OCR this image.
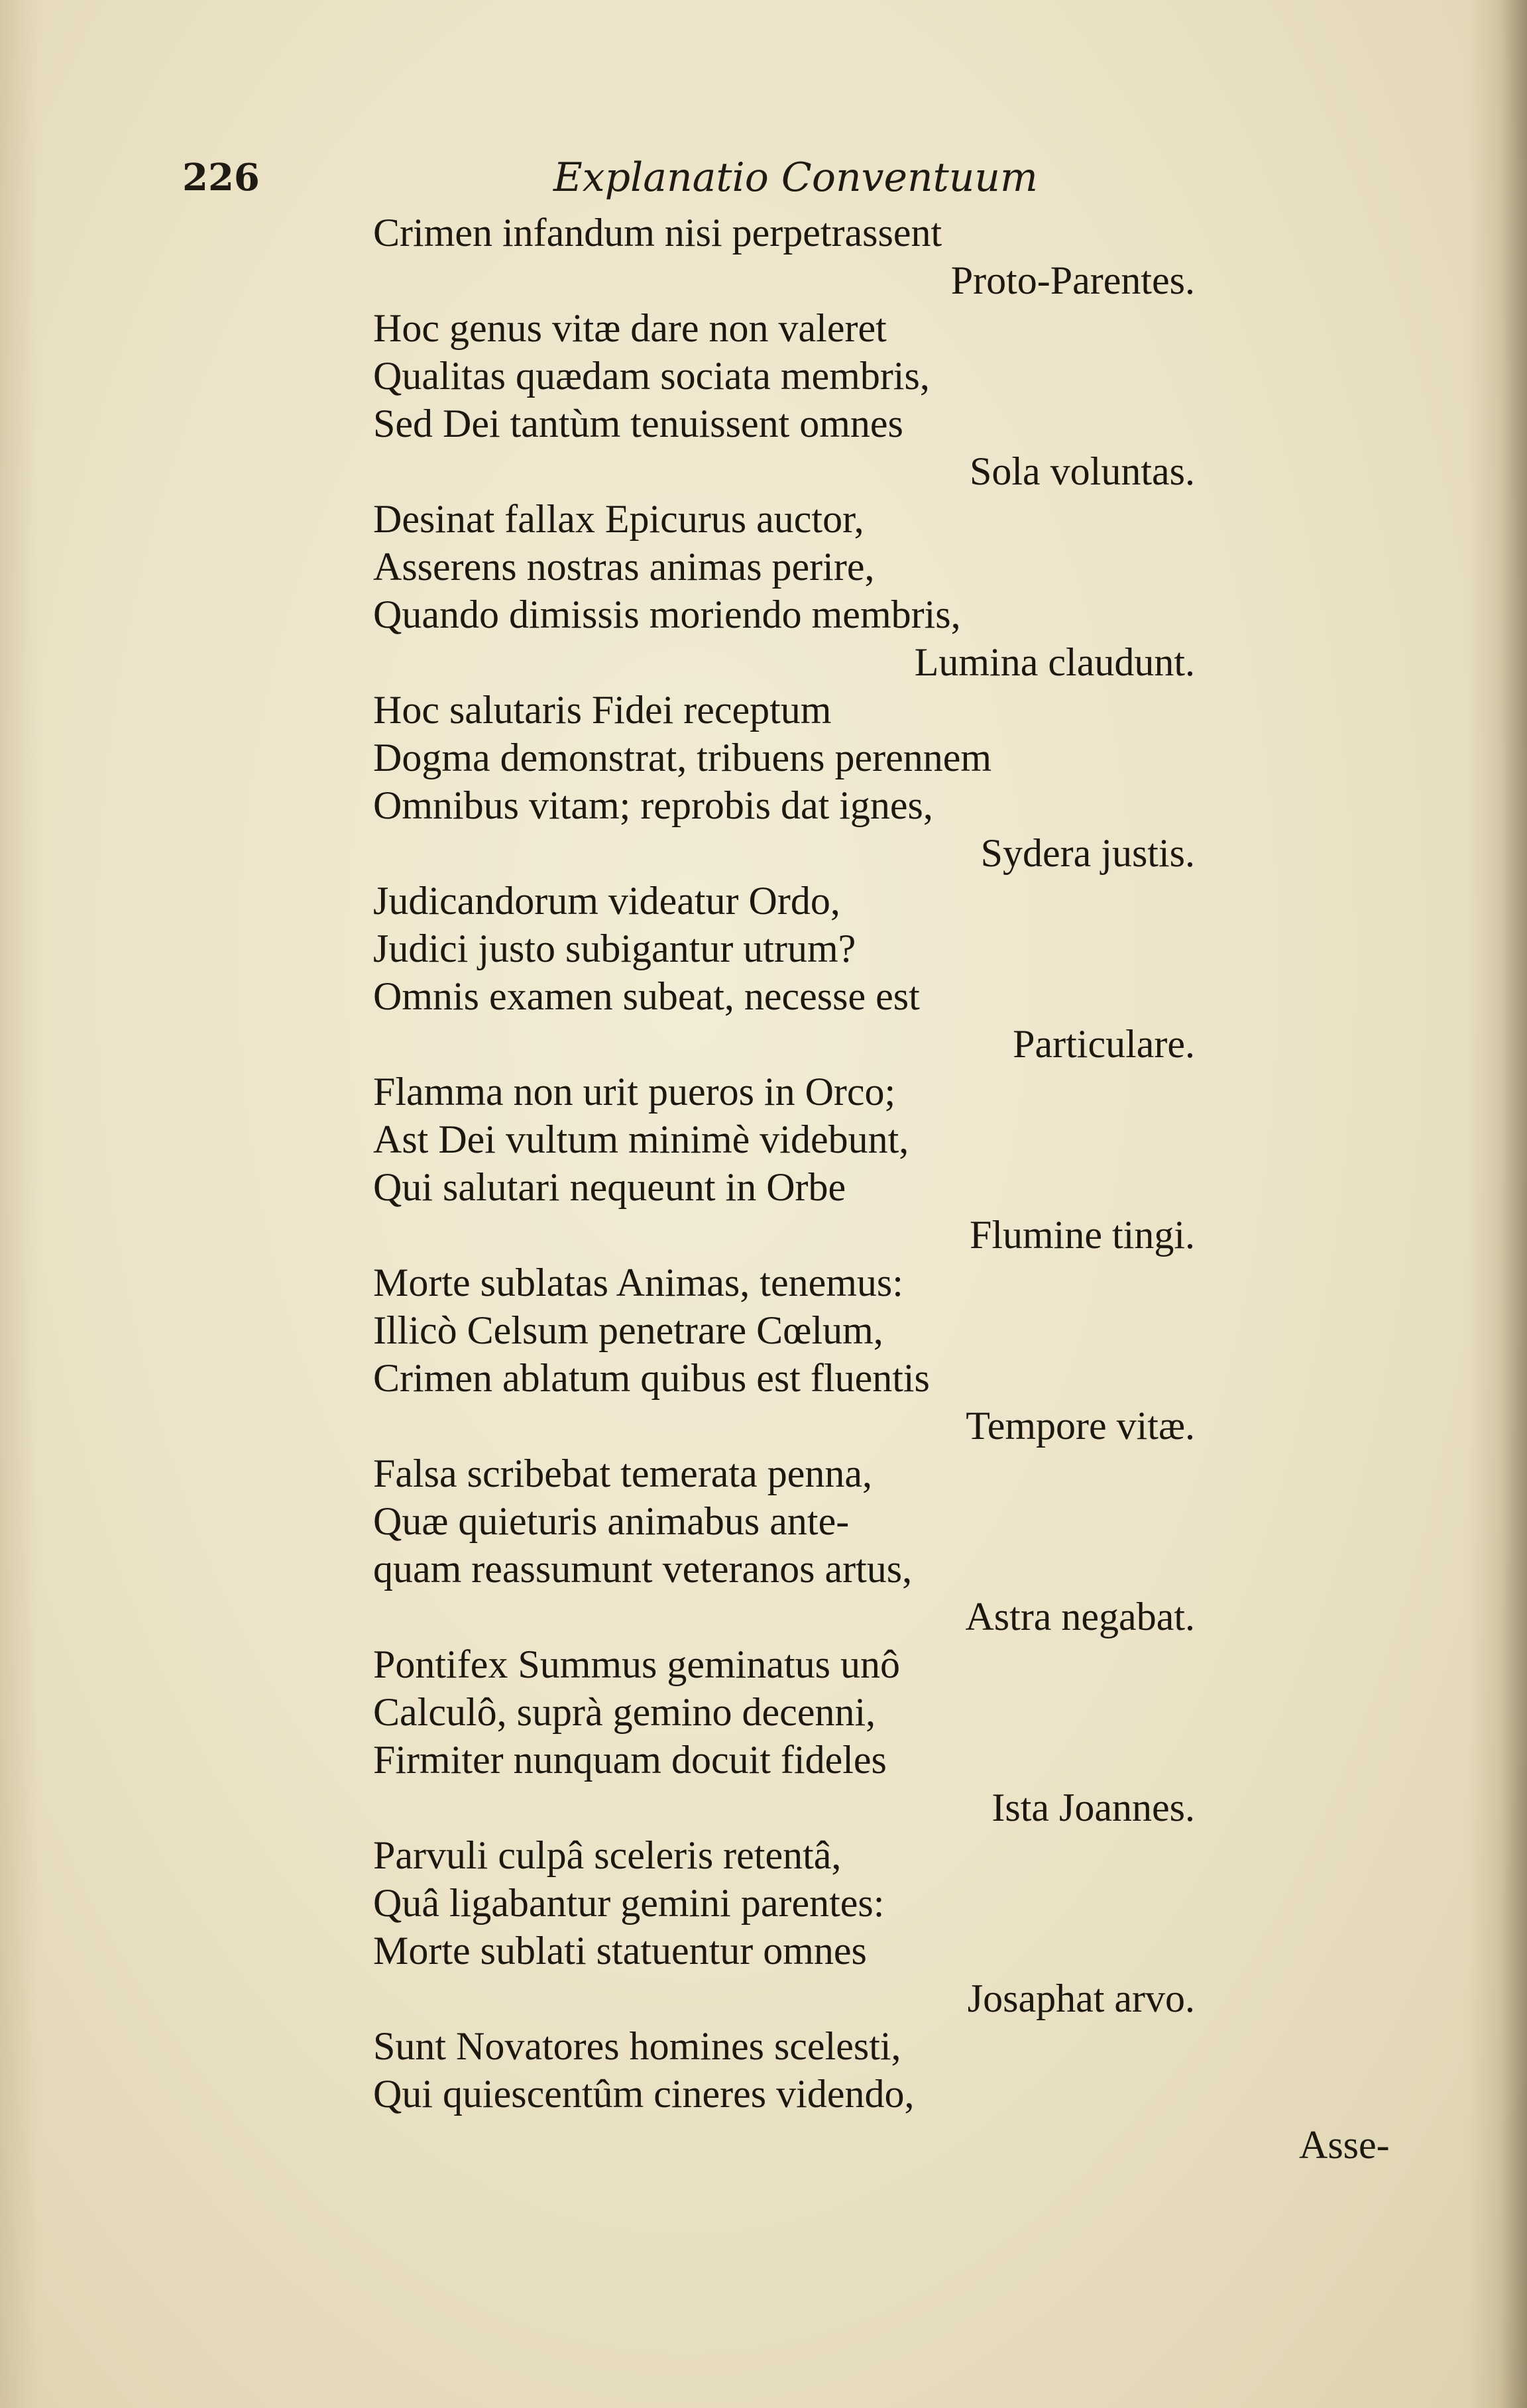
226	Explanatio Conventuum
Crimen infandum nisi perpetrassent
Proto-Parentes.
Hoc genus vitæ dare non valeret
Qualitas quædam sociata membris,
Sed Dei tantùm tenuissent omnes
Sola voluntas.
Desinat fallax Epicurus auctor,
Asserens nostras animas perire,
Quando dimissis moriendo membris,
Lumina claudunt.
Hoc salutaris Fidei receptum
Dogma demonstrat, tribuens perennem
Omnibus vitam; reprobis dat ignes,
Sydera justis.
Judicandorum videatur Ordo,
Judici justo subigantur utrum?
Omnis examen subeat, necesse est
Particulare.
Flamma non urit pueros in Orco;
Ast Dei vultum minimè videbunt,
Qui salutari nequeunt in Orbe
Flumine tingi.
Morte sublatas Animas, tenemus:
Illicò Celsum penetrare Cœlum,
Crimen ablatum quibus est fluentis
Tempore vitæ.
Falsa scribebat temerata penna,
Quæ quieturis animabus ante-
quam reassumunt veteranos artus,
Astra negabat.
Pontifex Summus geminatus unô
Calculô, suprà gemino decenni,
Firmiter nunquam docuit fideles
Ista Joannes.
Parvuli culpâ sceleris retentâ,
Quâ ligabantur gemini parentes:
Morte sublati statuentur omnes
Josaphat arvo.
Sunt Novatores homines scelesti,
Qui quiescentûm cineres videndo,
Asse-
